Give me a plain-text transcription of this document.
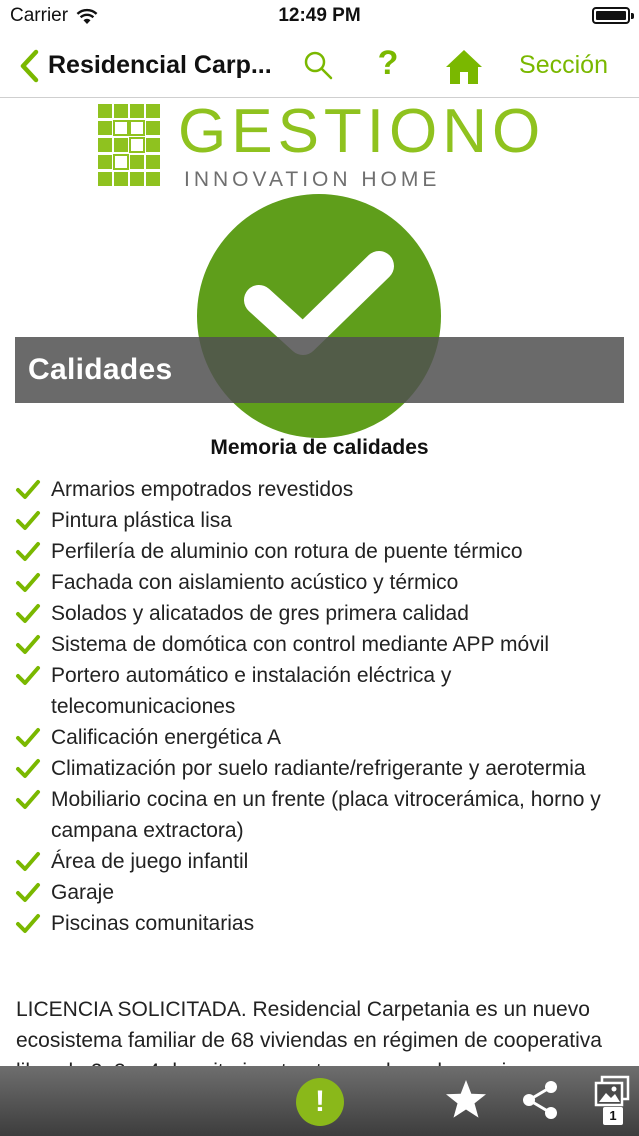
Carrier	12:49 PM
Residencial Carp...	?	Sección
GESTIONO
INNOVATION HOME
Calidades
Memoria de calidades
Armarios empotrados revestidos
Pintura plástica lisa
Perfilería de aluminio con rotura de puente térmico
Fachada con aislamiento acústico y térmico
Solados y alicatados de gres primera calidad
Sistema de domótica con control mediante APP móvil
Portero automático e instalación eléctrica y telecomunicaciones
Calificación energética A
Climatización por suelo radiante/refrigerante y aerotermia
Mobiliario cocina en un frente (placa vitrocerámica, horno y campana extractora)
Área de juego infantil
Garaje
Piscinas comunitarias
LICENCIA SOLICITADA. Residencial Carpetania es un nuevo ecosistema familiar de 68 viviendas en régimen de cooperativa
!	1
